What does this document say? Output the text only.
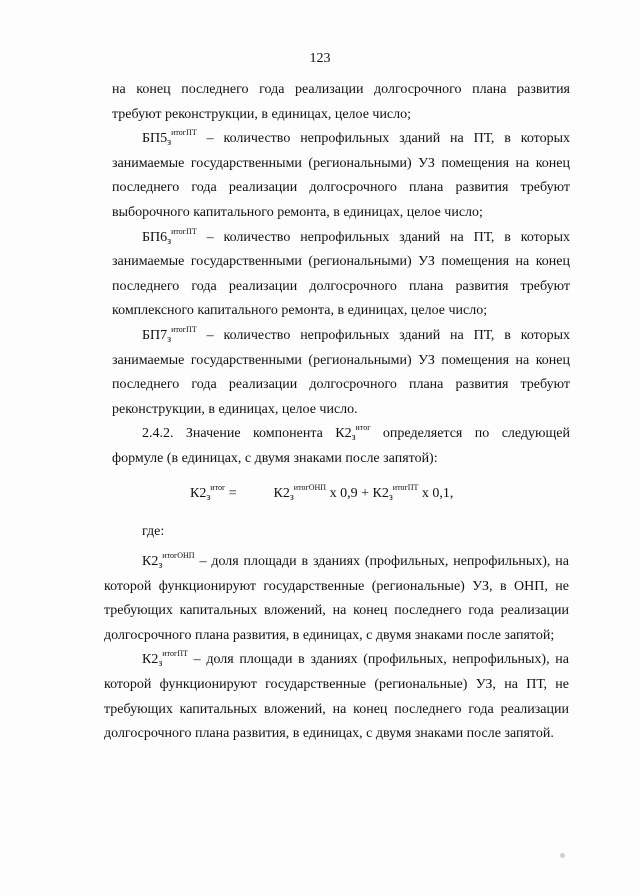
123

на конец последнего года реализации долгосрочного плана развития требуют реконструкции, в единицах, целое число;

$БП5_з^{итогПТ}$ – количество непрофильных зданий на ПТ, в которых занимаемые государственными (региональными) УЗ помещения на конец последнего года реализации долгосрочного плана развития требуют выборочного капитального ремонта, в единицах, целое число;

$БП6_з^{итогПТ}$ – количество непрофильных зданий на ПТ, в которых занимаемые государственными (региональными) УЗ помещения на конец последнего года реализации долгосрочного плана развития требуют комплексного капитального ремонта, в единицах, целое число;

$БП7_з^{итогПТ}$ – количество непрофильных зданий на ПТ, в которых занимаемые государственными (региональными) УЗ помещения на конец последнего года реализации долгосрочного плана развития требуют реконструкции, в единицах, целое число.

2.4.2. Значение компонента $К2_з^{итог}$ определяется по следующей формуле (в единицах, с двумя знаками после запятой):

$К2_з^{итог}$ =	$К2_з^{итогОНП}$ х $0,9 + К2_з^{итогПТ}$ х 0,1,
где:

$К2_з^{итогОНП}$ – доля площади в зданиях (профильных, непрофильных), на которой функционируют государственные (региональные) УЗ, в ОНП, не требующих капитальных вложений, на конец последнего года реализации долгосрочного плана развития, в единицах, с двумя знаками после запятой;

$К2_з^{итогПТ}$ – доля площади в зданиях (профильных, непрофильных), на которой функционируют государственные (региональные) УЗ, на ПТ, не требующих капитальных вложений, на конец последнего года реализации долгосрочного плана развития, в единицах, с двумя знаками после запятой.
